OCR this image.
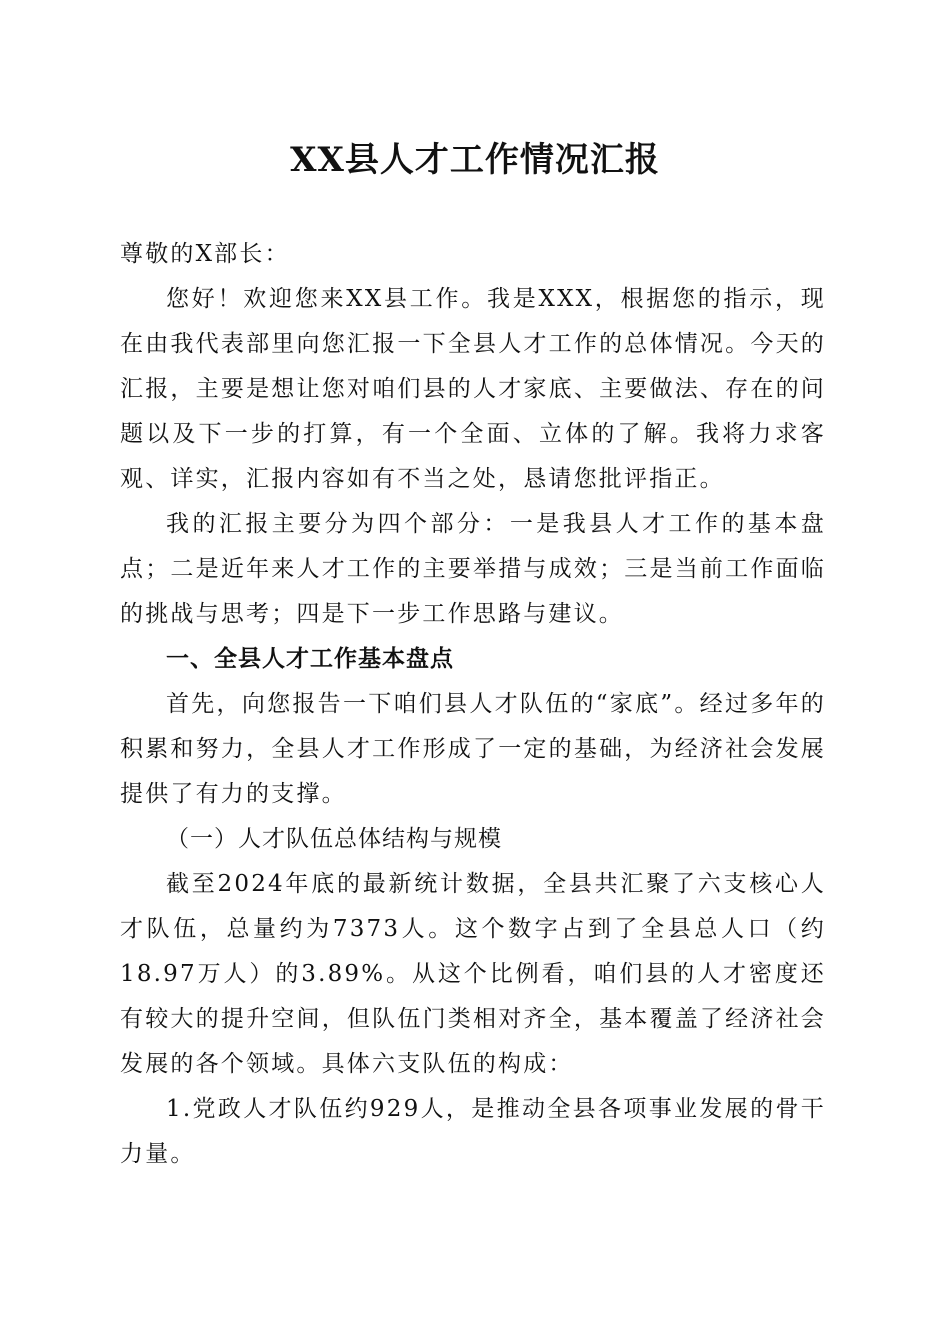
XX县人才工作情况汇报

尊敬的X部长：

您好！欢迎您来XX县工作。我是XXX，根据您的指示，现在由我代表部里向您汇报一下全县人才工作的总体情况。今天的汇报，主要是想让您对咱们县的人才家底、主要做法、存在的问题以及下一步的打算，有一个全面、立体的了解。我将力求客观、详实，汇报内容如有不当之处，恳请您批评指正。

我的汇报主要分为四个部分：一是我县人才工作的基本盘点；二是近年来人才工作的主要举措与成效；三是当前工作面临的挑战与思考；四是下一步工作思路与建议。

一、全县人才工作基本盘点

首先，向您报告一下咱们县人才队伍的“家底”。经过多年的积累和努力，全县人才工作形成了一定的基础，为经济社会发展提供了有力的支撑。

（一）人才队伍总体结构与规模

截至2024年底的最新统计数据，全县共汇聚了六支核心人才队伍，总量约为7373人。这个数字占到了全县总人口（约18.97万人）的3.89%。从这个比例看，咱们县的人才密度还有较大的提升空间，但队伍门类相对齐全，基本覆盖了经济社会发展的各个领域。具体六支队伍的构成：

1.党政人才队伍约929人，是推动全县各项事业发展的骨干力量。
